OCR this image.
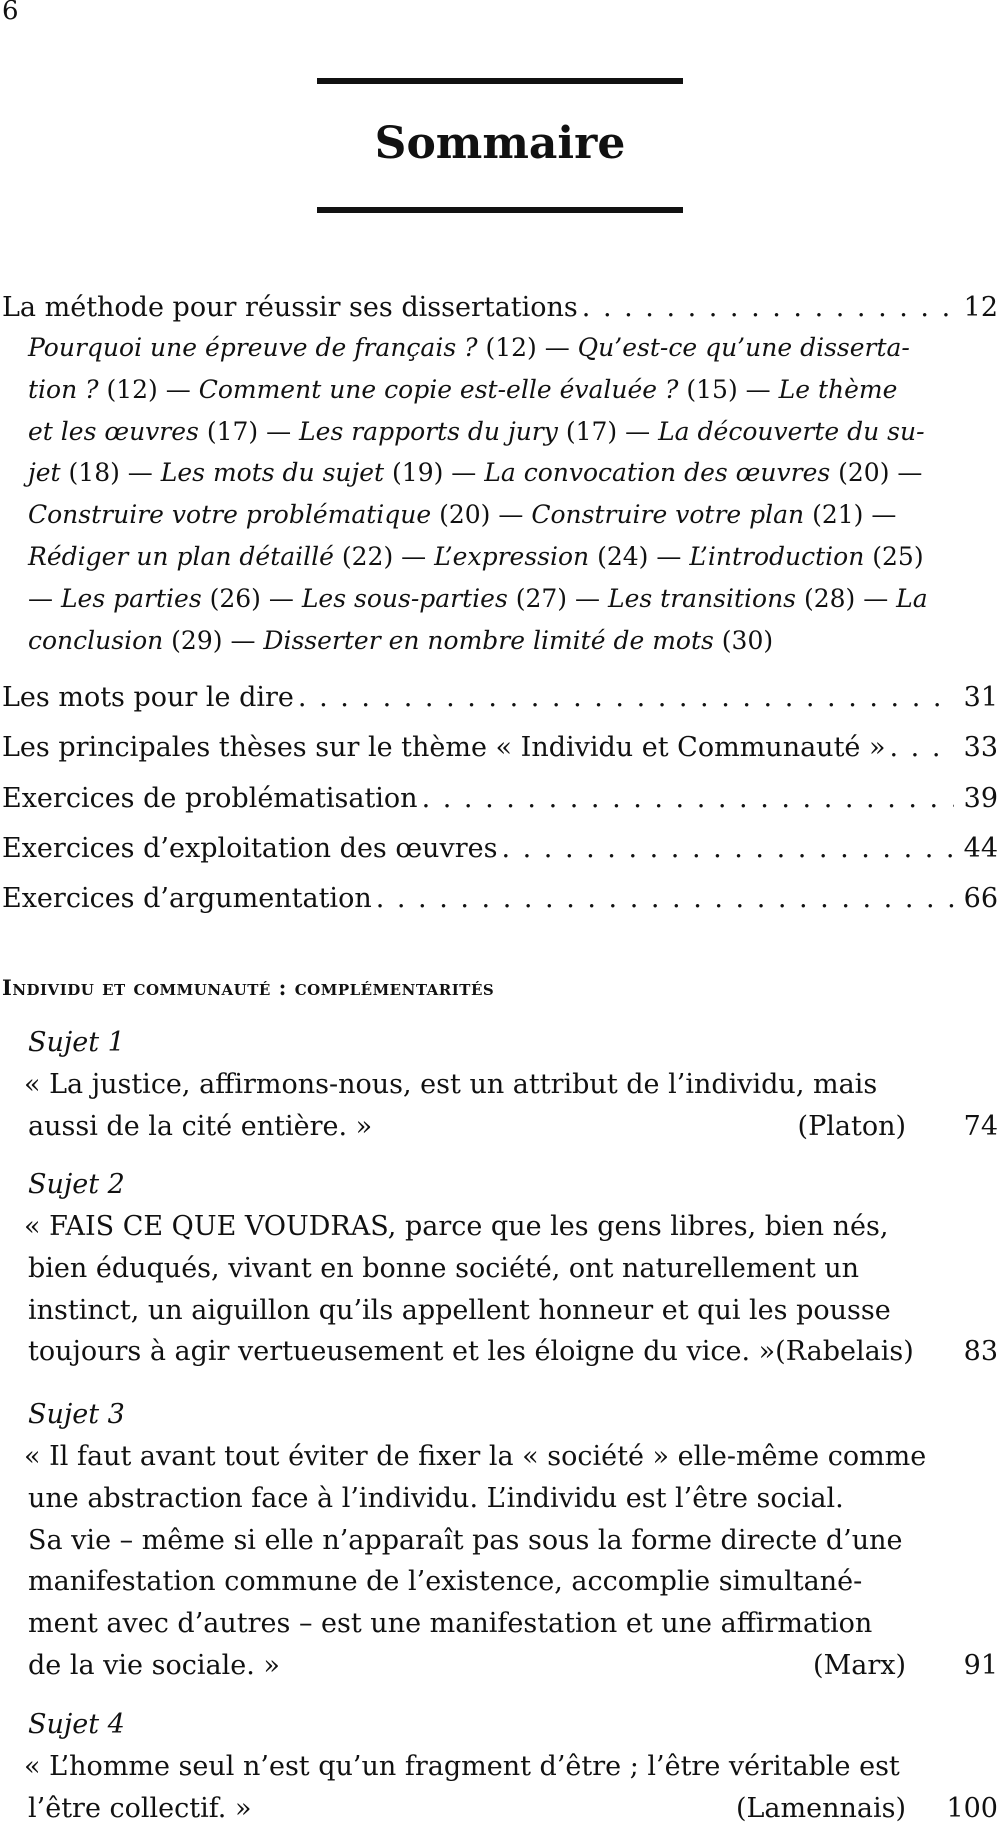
6
Sommaire
La méthode pour réussir ses dissertations . . .	12
Pourquoi une épreuve de français ? (12) — Qu’est-ce qu’une disserta-
tion ? (12) — Comment une copie est-elle évaluée ? (15) — Le thème
et les œuvres (17) — Les rapports du jury (17) — La découverte du su-
jet (18) — Les mots du sujet (19) — La convocation des œuvres (20) —
Construire votre problématique (20) — Construire votre plan (21) —
Rédiger un plan détaillé (22) — L’expression (24) — L’introduction (25)
— Les parties (26) — Les sous-parties (27) — Les transitions (28) — La
conclusion (29) — Disserter en nombre limité de mots (30)
Les mots pour le dire . . .	31
Les principales thèses sur le thème « Individu et Communauté » . . .	33
Exercices de problématisation . . .	39
Exercices d’exploitation des œuvres . . .	44
Exercices d’argumentation . . .	66
Individu et communauté : complémentarités
Sujet 1
« La justice, affirmons-nous, est un attribut de l’individu, mais
aussi de la cité entière. »	(Platon)	74
Sujet 2
« FAIS CE QUE VOUDRAS, parce que les gens libres, bien nés,
bien éduqués, vivant en bonne société, ont naturellement un
instinct, un aiguillon qu’ils appellent honneur et qui les pousse
toujours à agir vertueusement et les éloigne du vice. » (Rabelais)	83
Sujet 3
« Il faut avant tout éviter de fixer la « société » elle-même comme
une abstraction face à l’individu. L’individu est l’être social.
Sa vie – même si elle n’apparaît pas sous la forme directe d’une
manifestation commune de l’existence, accomplie simultané-
ment avec d’autres – est une manifestation et une affirmation
de la vie sociale. »	(Marx)	91
Sujet 4
« L’homme seul n’est qu’un fragment d’être ; l’être véritable est
l’être collectif. »	(Lamennais)	100
